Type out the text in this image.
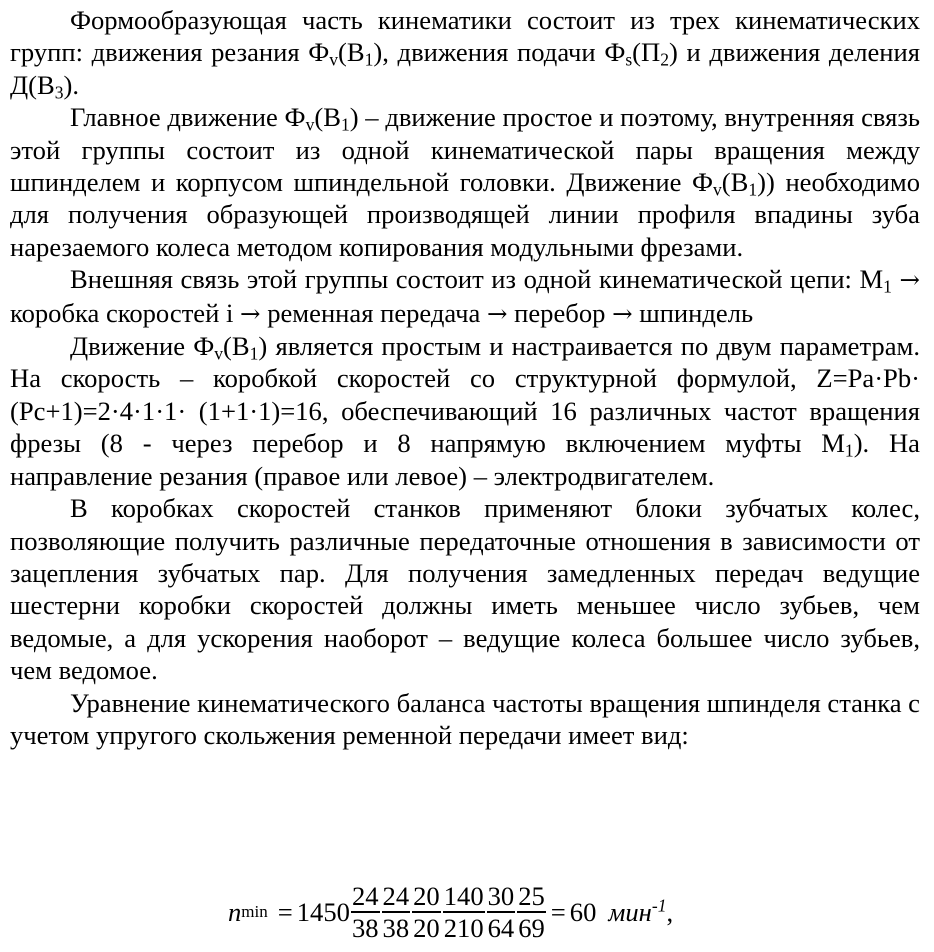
Формообразующая часть кинематики состоит из трех кинематических групп: движения резания $Ф_v(В_1)$, движения подачи $Ф_s(П_2)$ и движения деления $Д(В_3)$.

Главное движение $Ф_v(В_1)$ – движение простое и поэтому, внутренняя связь этой группы состоит из одной кинематической пары вращения между шпинделем и корпусом шпиндельной головки. Движение $Ф_v(В_1)$) необходимо для получения образующей производящей линии профиля впадины зуба нарезаемого колеса методом копирования модульными фрезами.

Внешняя связь этой группы состоит из одной кинематической цепи: $М_1$ → коробка скоростей i → ременная передача → перебор → шпиндель

Движение $Ф_v(В_1)$ является простым и настраивается по двум параметрам. На скорость – коробкой скоростей со структурной формулой, Z=Pa·Pb· (Pc+1)=2·4·1·1· (1+1·1)=16, обеспечивающий 16 различных частот вращения фрезы (8 - через перебор и 8 напрямую включением муфты $М_1$). На направление резания (правое или левое) – электродвигателем.

В коробках скоростей станков применяют блоки зубчатых колес, позволяющие получить различные передаточные отношения в зависимости от зацепления зубчатых пар. Для получения замедленных передач ведущие шестерни коробки скоростей должны иметь меньшее число зубьев, чем ведомые, а для ускорения наоборот – ведущие колеса большее число зубьев, чем ведомое.

Уравнение кинематического баланса частоты вращения шпинделя станка с учетом упругого скольжения ременной передачи имеет вид:

n $\min = 1450 \frac{24}{38} \frac{24}{38} \frac{20}{20} \frac{140}{210} \frac{30}{64} \frac{25}{69} = 60$ мин$^{-1}$ ,
